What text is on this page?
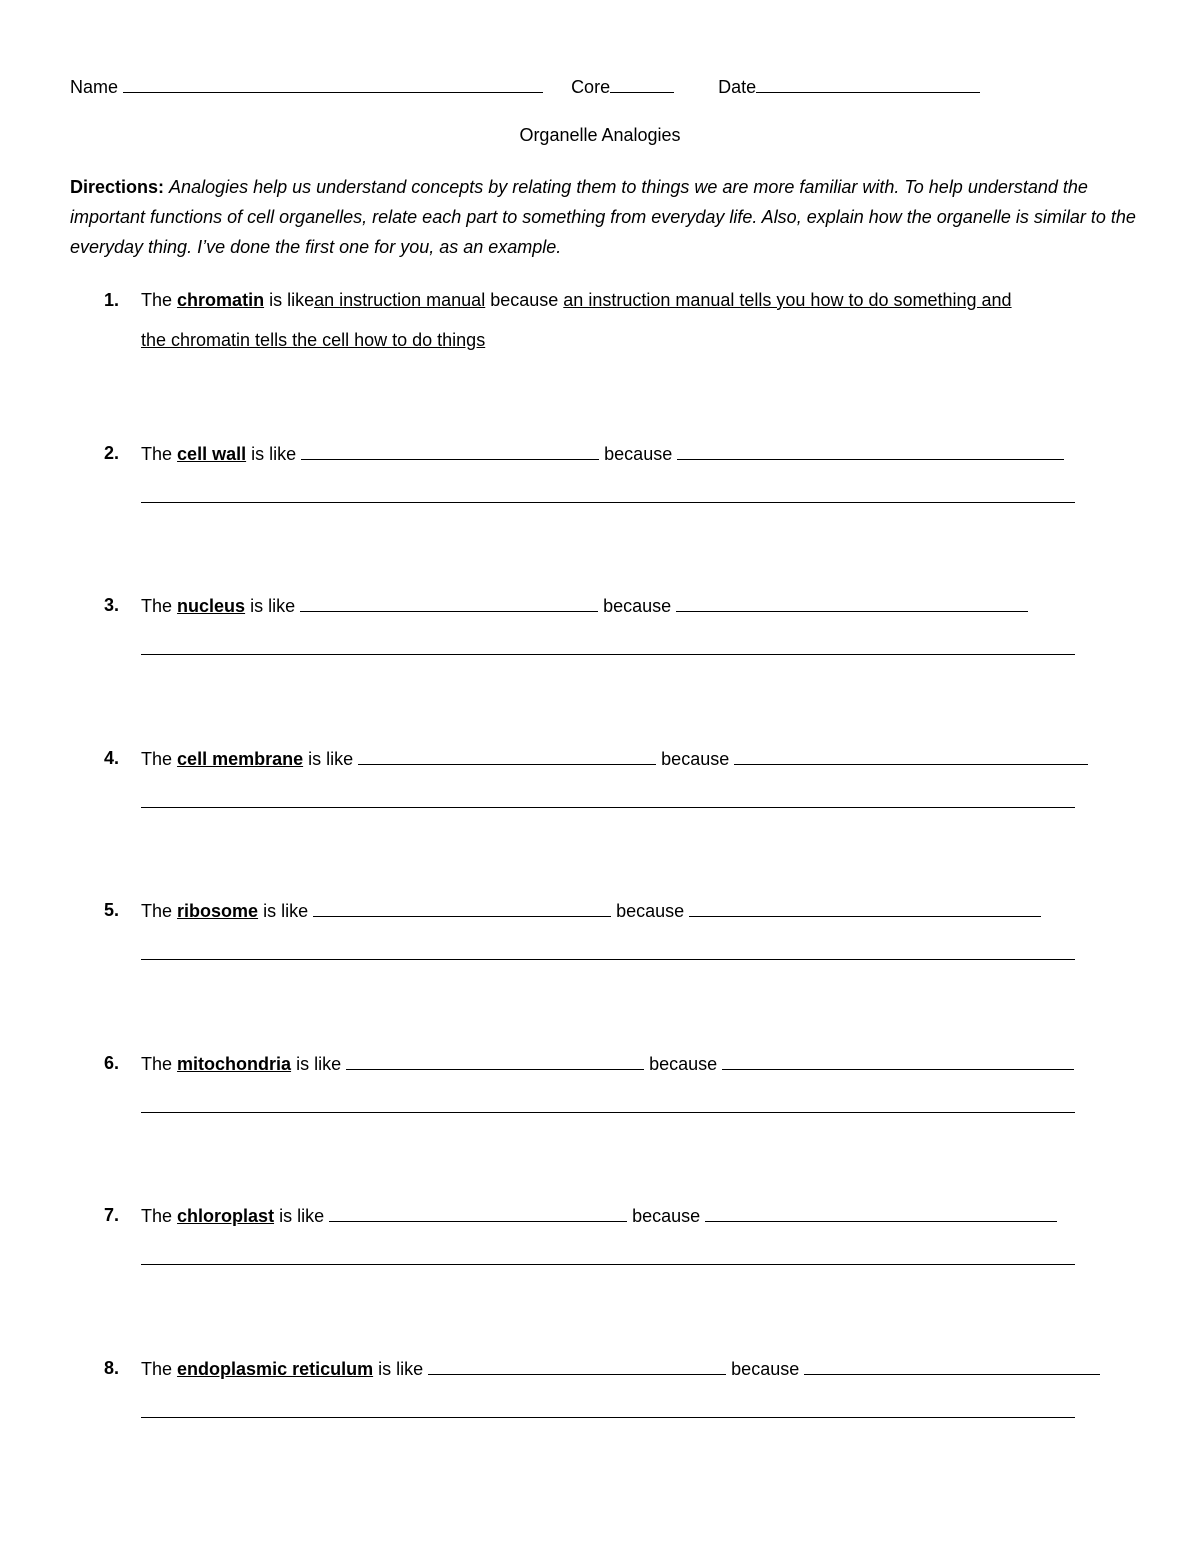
Name	Core	Date
Organelle Analogies
Directions: Analogies help us understand concepts by relating them to things we are more familiar with. To help understand the important functions of cell organelles, relate each part to something from everyday life. Also, explain how the organelle is similar to the everyday thing. I’ve done the first one for you, as an example.
1. The chromatin is likean instruction manual because an instruction manual tells you how to do something and
the chromatin tells the cell how to do things
2. The cell wall is like	because
3. The nucleus is like	because
4. The cell membrane is like	because
5. The ribosome is like	because
6. The mitochondria is like	because
7. The chloroplast is like	because
8. The endoplasmic reticulum is like	because
